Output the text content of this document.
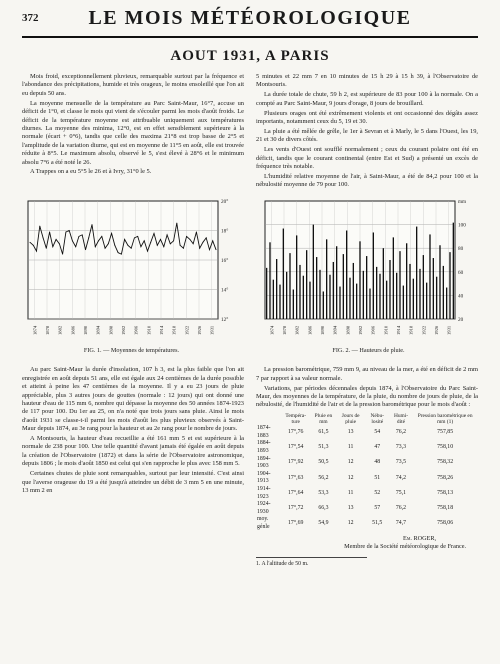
372	LE MOIS MÉTÉOROLOGIQUE
AOUT 1931, A PARIS

Mois froid, exceptionnellement pluvieux, remarquable surtout par la fréquence et l'abondance des précipitations, humide et très orageux, le moins ensoleillé que l'on ait eu depuis 50 ans.

La moyenne mensuelle de la température au Parc Saint-Maur, 16°7, accuse un déficit de 1°0, et classe le mois qui vient de s'écouler parmi les mois d'août froids. Le déficit de la température moyenne est attribuable uniquement aux températures diurnes. La moyenne des minima, 12°0, est en effet sensiblement supérieure à la normale (écart + 0°6), tandis que celle des maxima 21°8 est trop basse de 2°5 et l'amplitude de la variation diurne, qui est en moyenne de 11°5 en août, elle est trouvée réduite à 8°5. Le maximum absolu, observé le 5, s'est élevé à 28°6 et le minimum absolu 7°6 a été noté le 26.

A Trappes on a eu 5°5 le 26 et à Ivry, 31°0 le 5.

5 minutes et 22 mm 7 en 10 minutes de 15 h 29 à 15 h 39, à l'Observatoire de Montsouris.

La durée totale de chute, 59 h 2, est supérieure de 83 pour 100 à la normale. On a compté au Parc Saint-Maur, 9 jours d'orage, 8 jours de brouillard.

Plusieurs orages ont été extrêmement violents et ont occasionné des dégâts assez importants, notamment ceux du 5, 19 et 30.

La pluie a été mêlée de grêle, le 1er à Sevran et à Marly, le 5 dans l'Ouest, les 19, 21 et 30 de divers côtés.

Les vents d'Ouest ont soufflé normalement ; ceux du courant polaire ont été en déficit, tandis que le courant continental (entre Est et Sud) a présenté un excès de fréquence très notable.

L'humidité relative moyenne de l'air, à Saint-Maur, a été de 84,2 pour 100 et la nébulosité moyenne de 79 pour 100.

20°
18°
16°
14°
12°
1874 1878 1882 1886 1890 1894 1898 1902 1906 1910 1914 1918 1922 1926 1931
FIG. 1. — Moyennes de températures.
mm
100
80
60
40
20
1874 1878 1882 1886 1890 1894 1898 1902 1906 1910 1914 1918 1922 1926 1931
FIG. 2. — Hauteurs de pluie.

Au parc Saint-Maur la durée d'insolation, 107 h 3, est la plus faible que l'on ait enregistrée en août depuis 51 ans, elle est égale aux 24 centièmes de la durée possible et atteint à peine les 47 centièmes de la moyenne. Il y a eu 23 jours de pluie appréciable, plus 3 autres jours de gouttes (normale : 12 jours) qui ont donné une hauteur d'eau de 115 mm 6, nombre qui dépasse la moyenne des 50 années 1874-1923 de 117 pour 100. Du 1er au 25, on n'a noté que trois jours sans pluie. Ainsi le mois d'août 1931 se classe-t-il parmi les mois d'août les plus pluvieux observés à Saint-Maur depuis 1874, au 3e rang pour la hauteur et au 2e rang pour le nombre de jours.

A Montsouris, la hauteur d'eau recueillie a été 161 mm 5 et est supérieure à la normale de 238 pour 100. Une telle quantité d'avant jamais été égalée en août depuis la création de l'Observatoire (1872) et dans la série de l'Observatoire astronomique, depuis 1806 ; le mois d'août 1850 est celui qui s'en rapproche le plus avec 158 mm 5.

Certaines chutes de pluie sont remarquables, surtout par leur intensité. C'est ainsi que l'averse orageuse du 19 a été jusqu'à atteindre un débit de 3 mm 5 en une minute, 13 mm 2 en

La pression barométrique, 759 mm 9, au niveau de la mer, a été en déficit de 2 mm 7 par rapport à sa valeur normale.

Variations, par périodes décennales depuis 1874, à l'Observatoire du Parc Saint-Maur, des moyennes de la température, de la pluie, du nombre de jours de pluie, de la nébulosité, de l'humidité de l'air et de la pression barométrique pour le mois d'août :

	Tempéra-ture	Pluie en mm	Jours de pluie	Nébu-losité	Humi-dité	Pression barométrique en mm (1)
1874-1883	17°,76	61,5	13	54	76,2	757,85
1884-1893	17°,54	51,3	11	47	73,3	758,10
1894-1903	17°,92	50,5	12	48	73,5	758,32
1904-1913	17°,63	56,2	12	51	74,2	758,26
1914-1923	17°,64	53,3	11	52	75,1	758,13
1924-1930	17°,72	66,3	13	57	76,2	758,18
moy. génle	17°,69	54,9	12	51,5	74,7	758,06
Em. ROGER,
Membre de la Société météorologique de France.
1. A l'altitude de 50 m.
